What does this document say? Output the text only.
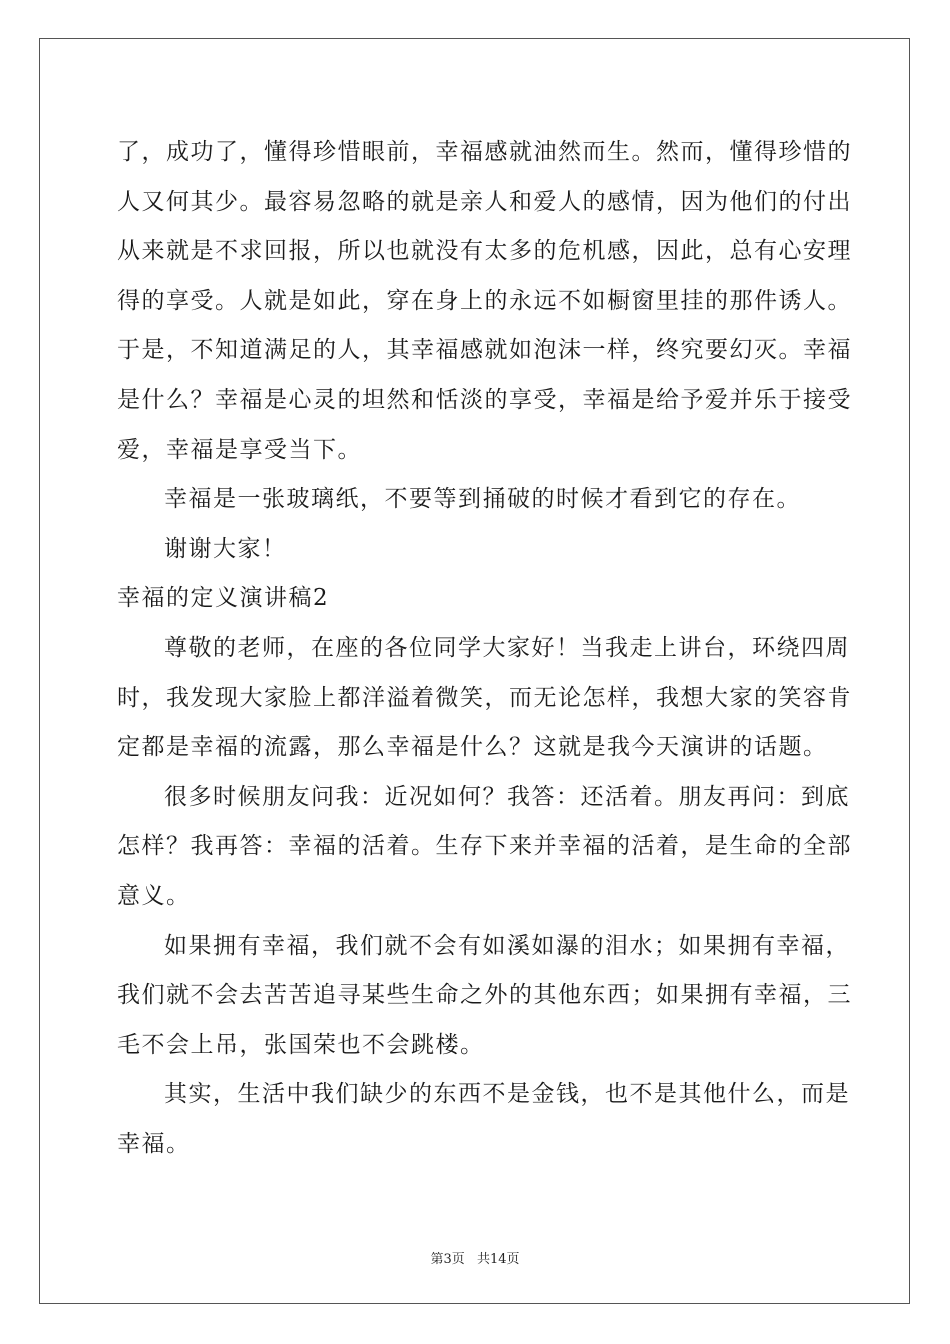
了，成功了，懂得珍惜眼前，幸福感就油然而生。然而，懂得珍惜的
人又何其少。最容易忽略的就是亲人和爱人的感情，因为他们的付出
从来就是不求回报，所以也就没有太多的危机感，因此，总有心安理
得的享受。人就是如此，穿在身上的永远不如橱窗里挂的那件诱人。
于是，不知道满足的人，其幸福感就如泡沫一样，终究要幻灭。幸福
是什么？幸福是心灵的坦然和恬淡的享受，幸福是给予爱并乐于接受
爱，幸福是享受当下。
幸福是一张玻璃纸，不要等到捅破的时候才看到它的存在。
谢谢大家！
幸福的定义演讲稿2
尊敬的老师，在座的各位同学大家好！当我走上讲台，环绕四周
时，我发现大家脸上都洋溢着微笑，而无论怎样，我想大家的笑容肯
定都是幸福的流露，那么幸福是什么？这就是我今天演讲的话题。
很多时候朋友问我：近况如何？我答：还活着。朋友再问：到底
怎样？我再答：幸福的活着。生存下来并幸福的活着，是生命的全部
意义。
如果拥有幸福，我们就不会有如溪如瀑的泪水；如果拥有幸福，
我们就不会去苦苦追寻某些生命之外的其他东西；如果拥有幸福，三
毛不会上吊，张国荣也不会跳楼。
其实，生活中我们缺少的东西不是金钱，也不是其他什么，而是
幸福。
第3页 共14页
